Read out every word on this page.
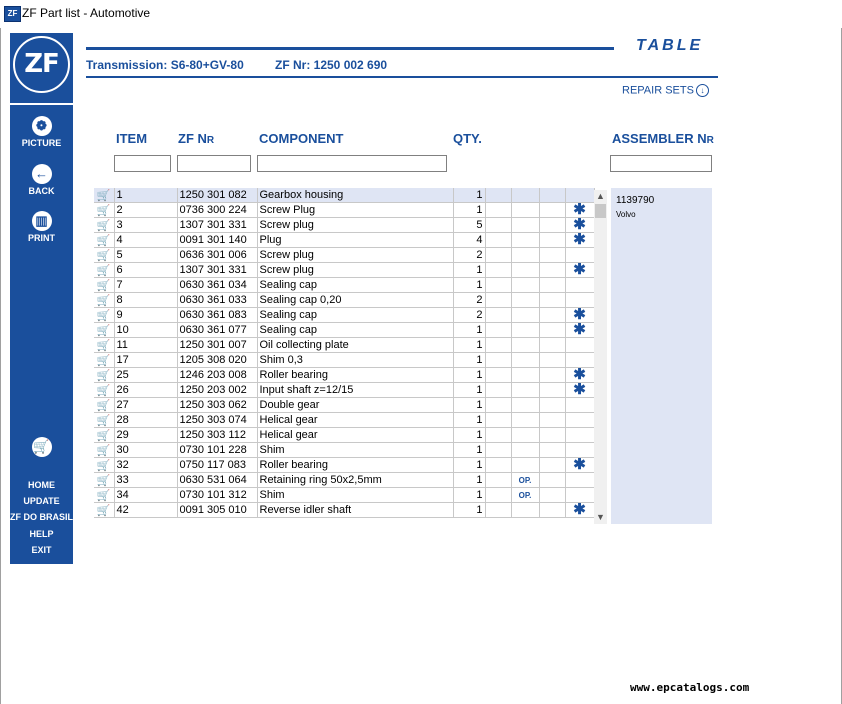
ZF ZF Part list - Automotive
ZF
❁
PICTURE
←
BACK
▥
PRINT
🛒
HOME
UPDATE
ZF DO BRASIL
HELP
EXIT
TABLE
Transmission: S6-80+GV-80	ZF Nr: 1250 002 690
REPAIR SETS ↓
ITEM ZF NR	COMPONENT	QTY.	ASSEMBLER NR
🛒	1	1250 301 082	Gearbox housing	1				
🛒	2	0736 300 224	Screw Plug	1				✱
🛒	3	1307 301 331	Screw plug	5				✱
🛒	4	0091 301 140	Plug	4				✱
🛒	5	0636 301 006	Screw plug	2				
🛒	6	1307 301 331	Screw plug	1				✱
🛒	7	0630 361 034	Sealing cap	1				
🛒	8	0630 361 033	Sealing cap 0,20	2				
🛒	9	0630 361 083	Sealing cap	2				✱
🛒	10	0630 361 077	Sealing cap	1				✱
🛒	11	1250 301 007	Oil collecting plate	1				
🛒	17	1205 308 020	Shim 0,3	1				
🛒	25	1246 203 008	Roller bearing	1				✱
🛒	26	1250 203 002	Input shaft z=12/15	1				✱
🛒	27	1250 303 062	Double gear	1				
🛒	28	1250 303 074	Helical gear	1				
🛒	29	1250 303 112	Helical gear	1				
🛒	30	0730 101 228	Shim	1				
🛒	32	0750 117 083	Roller bearing	1				✱
🛒	33	0630 531 064	Retaining ring 50x2,5mm	1		OP.		
🛒	34	0730 101 312	Shim	1		OP.		
🛒	42	0091 305 010	Reverse idler shaft	1				✱
▲
▼
1139790
Volvo
www.epcatalogs.com
